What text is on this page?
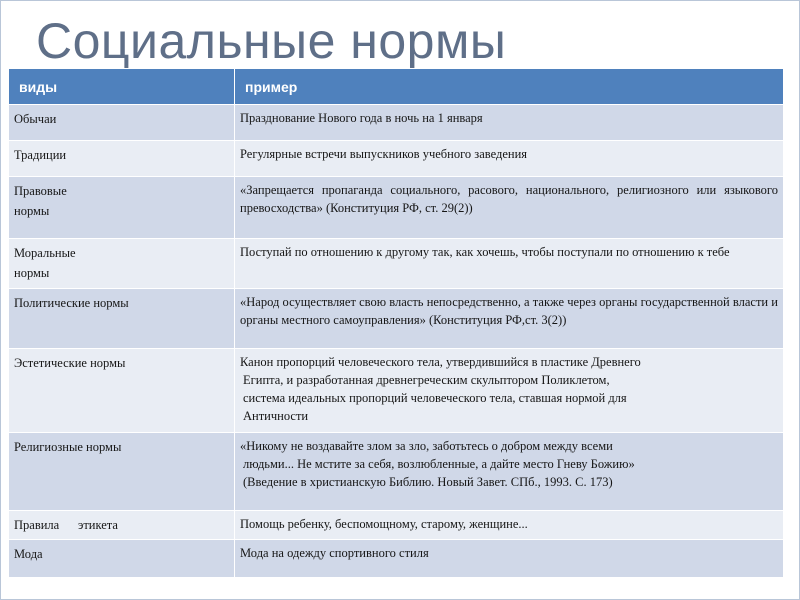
Социальные нормы
виды	пример

Обычаи	Празднование Нового года в ночь на 1 января

Традиции	Регулярные встречи выпускников учебного заведения

Правовые
нормы	«Запрещается пропаганда социального, расового, национального, религиозного или языкового превосходства» (Конституция РФ, ст. 29(2))

Моральные
нормы	Поступай по отношению к другому так, как хочешь, чтобы поступали по отношению к тебе

Политические нормы	«Народ осуществляет свою власть непосредственно, а также через органы государственной власти и органы местного самоуправления» (Конституция РФ,ст. 3(2))

Эстетические нормы	Канон пропорций человеческого тела, утвердившийся в пластике Древнего
Египта, и разработанная древнегреческим скульптором Поликлетом,
система идеальных пропорций человеческого тела, ставшая нормой для
Античности

Религиозные нормы	«Никому не воздавайте злом за зло, заботьтесь о добром между всеми
людьми... Не мстите за себя, возлюбленные, а дайте место Гневу Божию»
(Введение в христианскую Библию. Новый Завет. СПб., 1993. С. 173)

Правила      этикета	Помощь ребенку, беспомощному, старому, женщине...

Мода	Мода на одежду спортивного стиля
